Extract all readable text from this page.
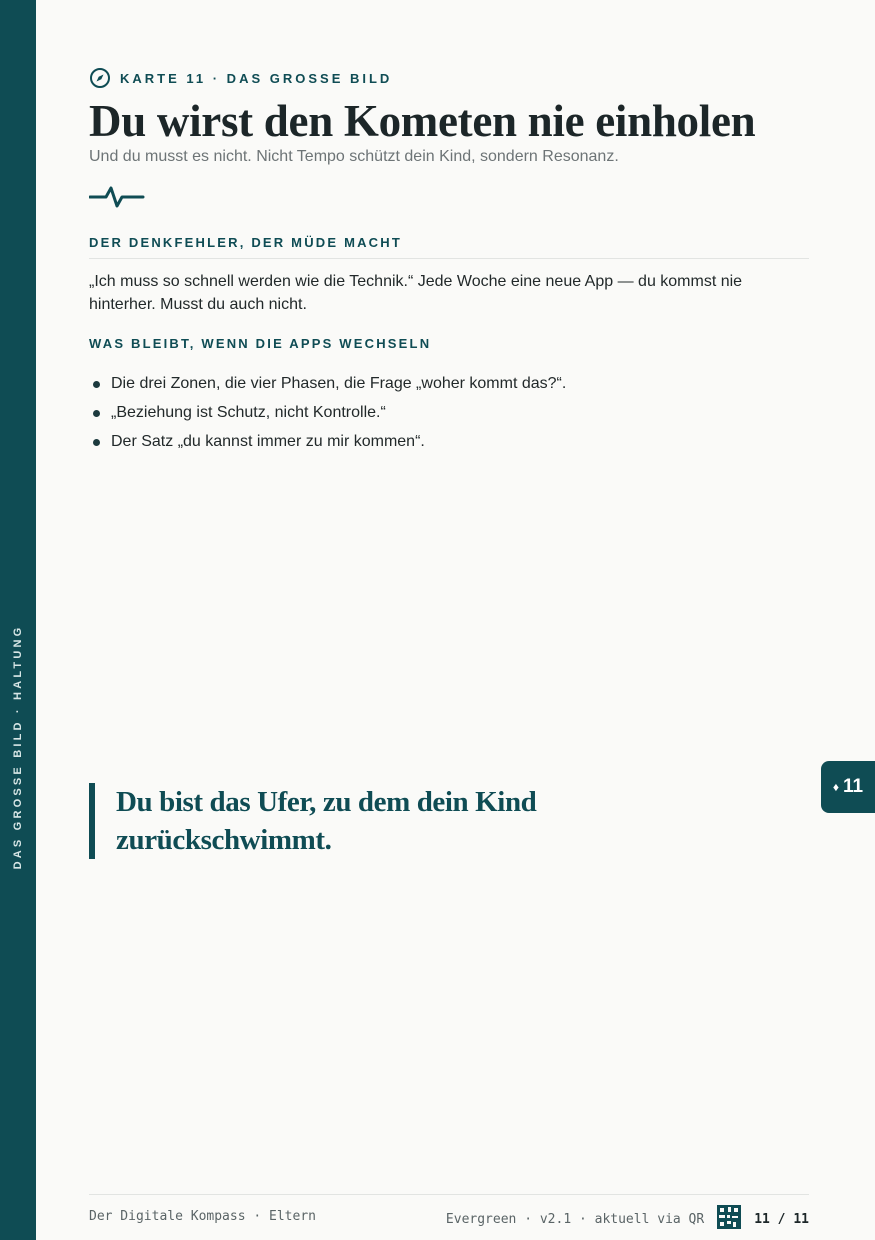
DAS GROSSE BILD · HALTUNG
KARTE 11 · DAS GROSSE BILD
Du wirst den Kometen nie einholen
Und du musst es nicht. Nicht Tempo schützt dein Kind, sondern Resonanz.
DER DENKFEHLER, DER MÜDE MACHT
„Ich muss so schnell werden wie die Technik.“ Jede Woche eine neue App — du kommst nie hinterher. Musst du auch nicht.
WAS BLEIBT, WENN DIE APPS WECHSELN
Die drei Zonen, die vier Phasen, die Frage „woher kommt das?“.
„Beziehung ist Schutz, nicht Kontrolle.“
Der Satz „du kannst immer zu mir kommen“.
Du bist das Ufer, zu dem dein Kind zurückschwimmt.
♦ 11
Der Digitale Kompass · Eltern	Evergreen · v2.1 · aktuell via QR	11 / 11
